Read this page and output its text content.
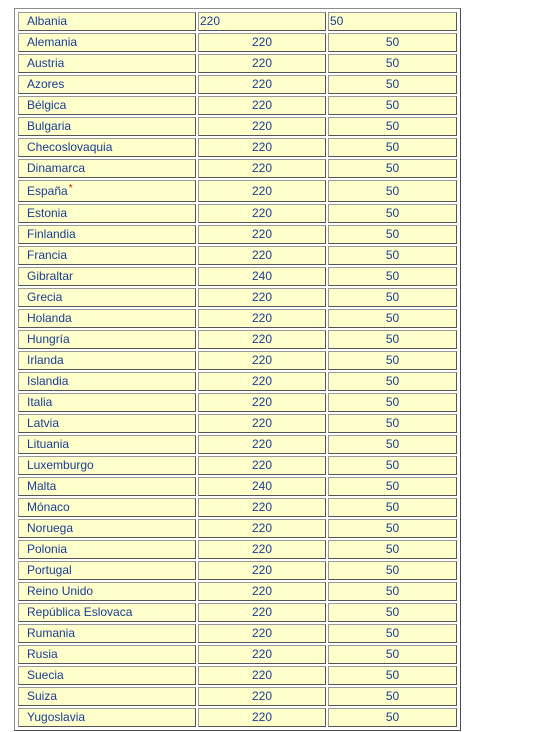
Albania	220	50
Alemania	220	50
Austria	220	50
Azores	220	50
Bélgica	220	50
Bulgaria	220	50
Checoslovaquia	220	50
Dinamarca	220	50
España*	220	50
Estonia	220	50
Finlandia	220	50
Francia	220	50
Gibraltar	240	50
Grecia	220	50
Holanda	220	50
Hungría	220	50
Irlanda	220	50
Islandia	220	50
Italia	220	50
Latvia	220	50
Lituania	220	50
Luxemburgo	220	50
Malta	240	50
Mónaco	220	50
Noruega	220	50
Polonia	220	50
Portugal	220	50
Reino Unido	220	50
República Eslovaca	220	50
Rumania	220	50
Rusia	220	50
Suecia	220	50
Suiza	220	50
Yugoslavia	220	50
